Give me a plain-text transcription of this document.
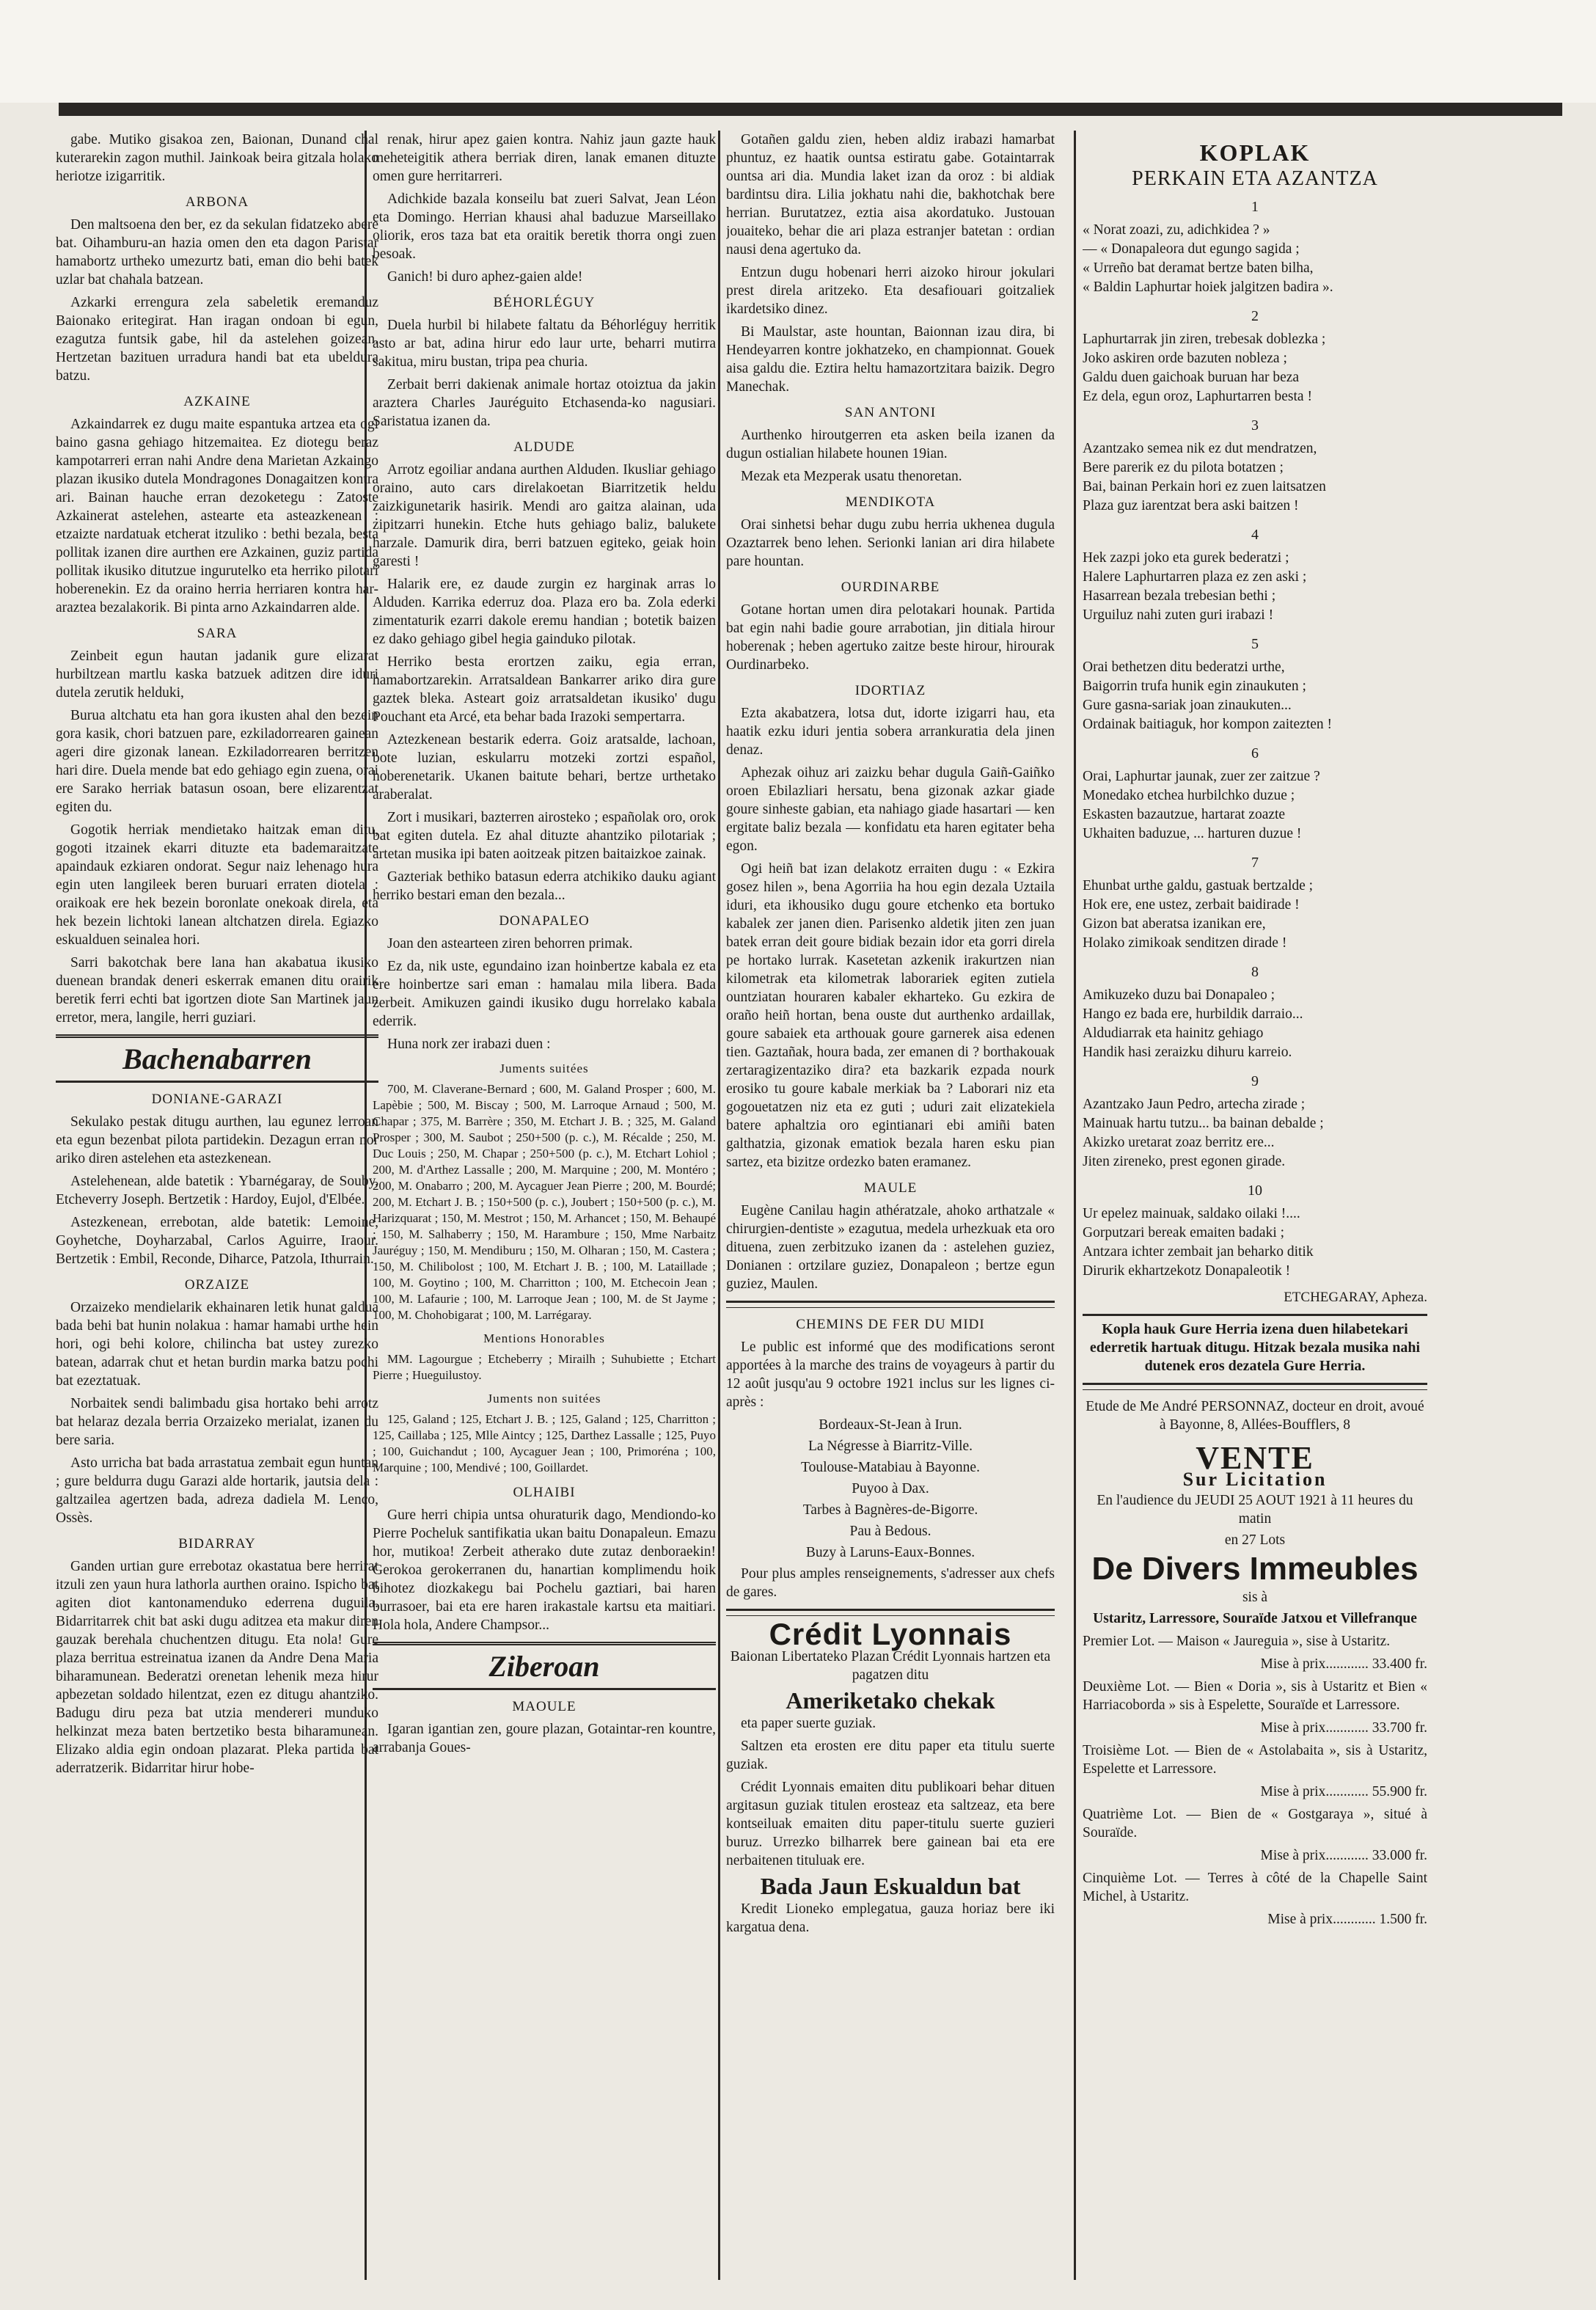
gabe. Mutiko gisakoa zen, Baionan, Dunand chal kuterarekin zagon muthil. Jainkoak beira gitzala holako heriotze izigarritik.

ARBONA

Den maltsoena den ber, ez da sekulan fidatzeko abere bat. Oihamburu-an hazia omen den eta dagon Paristar hamabortz urtheko umezurtz bati, eman dio behi batek uzlar bat chahala batzean.

Azkarki errengura zela sabeletik eremanduz Baionako eritegirat. Han iragan ondoan bi egun, ezagutza funtsik gabe, hil da astelehen goizean. Hertzetan bazituen urradura handi bat eta ubeldura batzu.

AZKAINE

Azkaindarrek ez dugu maite espantuka artzea eta ogi baino gasna gehiago hitzemaitea. Ez diotegu beraz kampotarreri erran nahi Andre dena Marietan Azkaingo plazan ikusiko dutela Mondragones Donagaitzen kontra ari. Bainan hauche erran dezoketegu : Zatoste Azkainerat astelehen, astearte eta asteazkenean : etzaizte nardatuak etcherat itzuliko : bethi bezala, besta pollitak izanen dire aurthen ere Azkainen, guziz partida pollitak ikusiko ditutzue ingurutelko eta herriko pilotari hoberenekin. Ez da oraino herria herriaren kontra har-araztea bezalakorik. Bi pinta arno Azkaindarren alde.

SARA

Zeinbeit egun hautan jadanik gure elizarat hurbiltzean martlu kaska batzuek aditzen dire iduri dutela zerutik helduki,

Burua altchatu eta han gora ikusten ahal den bezein gora kasik, chori batzuen pare, ezkiladorrearen gainean ageri dire gizonak lanean. Ezkiladorrearen berritzen hari dire. Duela mende bat edo gehiago egin zuena, orai ere Sarako herriak batasun osoan, bere elizarentzat egiten du.

Gogotik herriak mendietako haitzak eman ditu, gogoti itzainek ekarri dituzte eta bademaraitzate apaindauk ezkiaren ondorat. Segur naiz lehenago hura egin uten langileek beren buruari erraten diotela : oraikoak ere hek bezein boronlate onekoak direla, eta hek bezein lichtoki lanean altchatzen direla. Egiazko eskualduen seinalea hori.

Sarri bakotchak bere lana han akabatua ikusiko duenean brandak deneri eskerrak emanen ditu orairik beretik ferri echti bat igortzen diote San Martinek jaun erretor, mera, langile, herri guziari.

Bachenabarren
DONIANE-GARAZI

Sekulako pestak ditugu aurthen, lau egunez lerroan eta egun bezenbat pilota partidekin. Dezagun erran nor ariko diren astelehen eta astezkenean.

Astelehenean, alde batetik : Ybarnégaray, de Souby, Etcheverry Joseph. Bertzetik : Hardoy, Eujol, d'Elbée.

Astezkenean, errebotan, alde batetik: Lemoine, Goyhetche, Doyharzabal, Carlos Aguirre, Iraour. Bertzetik : Embil, Reconde, Diharce, Patzola, Ithurrain.

ORZAIZE

Orzaizeko mendielarik ekhainaren letik hunat galdua bada behi bat hunin nolakua : hamar hamabi urthe hein hori, ogi behi kolore, chilincha bat ustey zurezko batean, adarrak chut et hetan burdin marka batzu pochi bat ezeztatuak.

Norbaitek sendi balimbadu gisa hortako behi arrotz bat helaraz dezala berria Orzaizeko merialat, izanen du bere saria.

Asto urricha bat bada arrastatua zembait egun huntan ; gure beldurra dugu Garazi alde hortarik, jautsia dela : galtzailea agertzen bada, adreza dadiela M. Lenco, Ossès.

BIDARRAY

Ganden urtian gure errebotaz okastatua bere herrirat itzuli zen yaun hura lathorla aurthen oraino. Ispicho bat agiten diot kantonamenduko ederrena duguila. Bidarritarrek chit bat aski dugu aditzea eta makur diren gauzak berehala chuchentzen ditugu. Eta nola! Gure plaza berritua estreinatua izanen da Andre Dena Maria biharamunean. Bederatzi orenetan lehenik meza hirur apbezetan soldado hilentzat, ezen ez ditugu ahantziko. Badugu diru peza bat utzia mendereri munduko helkinzat meza baten bertzetiko besta biharamunean. Elizako aldia egin ondoan plazarat. Pleka partida bat aderratzerik. Bidarritar hirur hobe-

renak, hirur apez gaien kontra. Nahiz jaun gazte hauk meheteigitik athera berriak diren, lanak emanen dituzte omen gure herritarreri.

Adichkide bazala konseilu bat zueri Salvat, Jean Léon eta Domingo. Herrian khausi ahal baduzue Marseillako oliorik, eros taza bat eta oraitik beretik thorra ongi zuen besoak.

Ganich! bi duro aphez-gaien alde!

BÉHORLÉGUY

Duela hurbil bi hilabete faltatu da Béhorléguy herritik asto ar bat, adina hirur edo laur urte, beharri mutirra sakitua, miru bustan, tripa pea churia.

Zerbait berri dakienak animale hortaz otoiztua da jakin araztera Charles Jauréguito Etchasenda-ko nagusiari. Saristatua izanen da.

ALDUDE

Arrotz egoiliar andana aurthen Alduden. Ikusliar gehiago oraino, auto cars direlakoetan Biarritzetik heldu zaizkigunetarik hasirik. Mendi aro gaitza alainan, uda zipitzarri hunekin. Etche huts gehiago baliz, balukete harzale. Damurik dira, berri batzuen egiteko, geiak hoin garesti !

Halarik ere, ez daude zurgin ez harginak arras lo Alduden. Karrika ederruz doa. Plaza ero ba. Zola ederki zimentaturik ezarri dakole eremu handian ; botetik baizen ez dako gehiago gibel hegia gainduko pilotak.

Herriko besta erortzen zaiku, egia erran, hamabortzarekin. Arratsaldean Bankarrer ariko dira gure gaztek bleka. Asteart goiz arratsaldetan ikusiko' dugu Pouchant eta Arcé, eta behar bada Irazoki sempertarra.

Aztezkenean bestarik ederra. Goiz aratsalde, lachoan, bote luzian, eskularru motzeki zortzi español, hoberenetarik. Ukanen baitute behari, bertze urthetako araberalat.

Zort i musikari, bazterren airosteko ; españolak oro, orok bat egiten dutela. Ez ahal dituzte ahantziko pilotariak ; artetan musika ipi baten aoitzeak pitzen baitaizkoe zainak.

Gazteriak bethiko batasun ederra atchikiko dauku agiant herriko bestari eman den bezala...

DONAPALEO

Joan den astearteen ziren behorren primak.

Ez da, nik uste, egundaino izan hoinbertze kabala ez eta ere hoinbertze sari eman : hamalau mila libera. Bada zerbeit. Amikuzen gaindi ikusiko dugu horrelako kabala ederrik.

Huna nork zer irabazi duen :

Juments suitées

700, M. Claverane-Bernard ; 600, M. Galand Prosper ; 600, M. Lapèbie ; 500, M. Biscay ; 500, M. Larroque Arnaud ; 500, M. Chapar ; 375, M. Barrère ; 350, M. Etchart J. B. ; 325, M. Galand Prosper ; 300, M. Saubot ; 250+500 (p. c.), M. Récalde ; 250, M. Duc Louis ; 250, M. Chapar ; 250+500 (p. c.), M. Etchart Lohiol ; 200, M. d'Arthez Lassalle ; 200, M. Marquine ; 200, M. Montéro ; 200, M. Onabarro ; 200, M. Aycaguer Jean Pierre ; 200, M. Bourdé; 200, M. Etchart J. B. ; 150+500 (p. c.), Joubert ; 150+500 (p. c.), M. Harizquarat ; 150, M. Mestrot ; 150, M. Arhancet ; 150, M. Behaupé ; 150, M. Salhaberry ; 150, M. Harambure ; 150, Mme Narbaitz Jauréguy ; 150, M. Mendiburu ; 150, M. Olharan ; 150, M. Castera ; 150, M. Chilibolost ; 100, M. Etchart J. B. ; 100, M. Lataillade ; 100, M. Goytino ; 100, M. Charritton ; 100, M. Etchecoin Jean ; 100, M. Lafaurie ; 100, M. Larroque Jean ; 100, M. de St Jayme ; 100, M. Chohobigarat ; 100, M. Larrégaray.

Mentions Honorables

MM. Lagourgue ; Etcheberry ; Mirailh ; Suhubiette ; Etchart Pierre ; Hueguilustoy.

Juments non suitées

125, Galand ; 125, Etchart J. B. ; 125, Galand ; 125, Charritton ; 125, Caillaba ; 125, Mlle Aintcy ; 125, Darthez Lassalle ; 125, Puyo ; 100, Guichandut ; 100, Aycaguer Jean ; 100, Primoréna ; 100, Marquine ; 100, Mendivé ; 100, Goillardet.

OLHAIBI

Gure herri chipia untsa ohuraturik dago, Mendiondo-ko Pierre Pocheluk santifikatia ukan baitu Donapaleun. Emazu hor, mutikoa! Zerbeit atherako dute zutaz denboraekin! Gerokoa gerokerranen du, hanartian komplimendu hoik bihotez diozkakegu bai Pochelu gaztiari, bai haren burrasoer, bai eta ere haren irakastale kartsu eta maitiari. Hola hola, Andere Champsor...

Ziberoan
MAOULE

Igaran igantian zen, goure plazan, Gotaintar-ren kountre, arrabanja Goues-

Gotañen galdu zien, heben aldiz irabazi hamarbat phuntuz, ez haatik ountsa estiratu gabe. Gotaintarrak ountsa ari dia. Mundia laket izan da oroz : bi aldiak bardintsu dira. Lilia jokhatu nahi die, bakhotchak bere herrian. Burutatzez, eztia aisa akordatuko. Justouan jouaiteko, behar die ari plaza estranjer batetan : ordian nausi dena agertuko da.

Entzun dugu hobenari herri aizoko hirour jokulari prest direla aritzeko. Eta desafiouari goitzaliek ikardetsiko dinez.

Bi Maulstar, aste hountan, Baionnan izau dira, bi Hendeyarren kontre jokhatzeko, en championnat. Gouek aisa galdu die. Eztira heltu hamazortzitara baizik. Degro Manechak.

SAN ANTONI

Aurthenko hiroutgerren eta asken beila izanen da dugun ostialian hilabete hounen 19ian.

Mezak eta Mezperak usatu thenoretan.

MENDIKOTA

Orai sinhetsi behar dugu zubu herria ukhenea dugula Ozaztarrek beno lehen. Serionki lanian ari dira hilabete pare hountan.

OURDINARBE

Gotane hortan umen dira pelotakari hounak. Partida bat egin nahi badie goure arrabotian, jin ditiala hirour hoberenak ; heben agertuko zaitze beste hirour, hirourak Ourdinarbeko.

IDORTIAZ

Ezta akabatzera, lotsa dut, idorte izigarri hau, eta haatik ezku iduri jentia sobera arrankuratia dela jinen denaz.

Aphezak oihuz ari zaizku behar dugula Gaiñ-Gaiñko oroen Ebilazliari hersatu, bena gizonak azkar giade goure sinheste gabian, eta nahiago giade hasartari — ken ergitate baliz bezala — konfidatu eta haren egitater beha egon.

Ogi heiñ bat izan delakotz erraiten dugu : « Ezkira gosez hilen », bena Agorriia ha hou egin dezala Uztaila iduri, eta ikhousiko dugu goure etchenko eta bortuko kabalek zer janen dien. Parisenko aldetik jiten zen juan batek erran deit goure bidiak bezain idor eta gorri direla pe hortako lurrak. Kasetetan azkenik irakurtzen nian kilometrak eta kilometrak laborariek egiten zutiela ountziatan houraren kabaler ekharteko. Gu ezkira de oraño heiñ hortan, bena ouste dut aurthenko ardaillak, goure sabaiek eta arthouak goure garnerek aisa edenen tien. Gaztañak, houra bada, zer emanen di ? borthakouak zertaragizentaziko dira? eta bazkarik ezpada nourk erosiko tu goure kabale merkiak ba ? Laborari niz eta gogouetatzen niz eta ez guti ; uduri zait elizatekiela batere aphaltzia oro egintianari ebi amiñi baten galthatzia, gizonak ematiok bezala haren esku pian sartez, eta bizitze ordezko baten eramanez.

MAULE

Eugène Canilau hagin athératzale, ahoko arthatzale « chirurgien-dentiste » ezagutua, medela urhezkuak eta oro dituena, zuen zerbitzuko izanen da : astelehen guziez, Donianen : ortzilare guziez, Donapaleon ; bertze egun guziez, Maulen.

CHEMINS DE FER DU MIDI

Le public est informé que des modifications seront apportées à la marche des trains de voyageurs à partir du 12 août jusqu'au 9 octobre 1921 inclus sur les lignes ci-après :

Bordeaux-St-Jean à Irun.

La Négresse à Biarritz-Ville.

Toulouse-Matabiau à Bayonne.

Puyoo à Dax.

Tarbes à Bagnères-de-Bigorre.

Pau à Bedous.

Buzy à Laruns-Eaux-Bonnes.

Pour plus amples renseignements, s'adresser aux chefs de gares.

Crédit Lyonnais

Baionan Libertateko Plazan Crédit Lyonnais hartzen eta pagatzen ditu

Ameriketako chekak

eta paper suerte guziak.

Saltzen eta erosten ere ditu paper eta titulu suerte guziak.

Crédit Lyonnais emaiten ditu publikoari behar dituen argitasun guziak titulen erosteaz eta saltzeaz, eta bere kontseiluak emaiten ditu paper-titulu suerte guzieri buruz. Urrezko bilharrek bere gainean bai eta ere nerbaitenen tituluak ere.

Bada Jaun Eskualdun bat

Kredit Lioneko emplegatua, gauza horiaz bere iki kargatua dena.

KOPLAK
PERKAIN ETA AZANTZA
1
« Norat zoazi, zu, adichkidea ? »
— « Donapaleora dut egungo sagida ;
« Urreño bat deramat bertze baten bilha,
« Baldin Laphurtar hoiek jalgitzen badira ».
2
Laphurtarrak jin ziren, trebesak doblezka ;
Joko askiren orde bazuten nobleza ;
Galdu duen gaichoak buruan har beza
Ez dela, egun oroz, Laphurtarren besta !
3
Azantzako semea nik ez dut mendratzen,
Bere parerik ez du pilota botatzen ;
Bai, bainan Perkain hori ez zuen laitsatzen
Plaza guz iarentzat bera aski baitzen !
4
Hek zazpi joko eta gurek bederatzi ;
Halere Laphurtarren plaza ez zen aski ;
Hasarrean bezala trebesian bethi ;
Urguiluz nahi zuten guri irabazi !
5
Orai bethetzen ditu bederatzi urthe,
Baigorrin trufa hunik egin zinaukuten ;
Gure gasna-sariak joan zinaukuten...
Ordainak baitiaguk, hor kompon zaitezten !
6
Orai, Laphurtar jaunak, zuer zer zaitzue ?
Monedako etchea hurbilchko duzue ;
Eskasten bazautzue, hartarat zoazte
Ukhaiten baduzue, ... harturen duzue !
7
Ehunbat urthe galdu, gastuak bertzalde ;
Hok ere, ene ustez, zerbait baidirade !
Gizon bat aberatsa izanikan ere,
Holako zimikoak senditzen dirade !
8
Amikuzeko duzu bai Donapaleo ;
Hango ez bada ere, hurbildik darraio...
Aldudiarrak eta hainitz gehiago
Handik hasi zeraizku dihuru karreio.
9
Azantzako Jaun Pedro, artecha zirade ;
Mainuak hartu tutzu... ba bainan debalde ;
Akizko uretarat zoaz berritz ere...
Jiten zireneko, prest egonen girade.
10
Ur epelez mainuak, saldako oilaki !....
Gorputzari bereak emaiten badaki ;
Antzara ichter zembait jan beharko ditik
Dirurik ekhartzekotz Donapaleotik !
ETCHEGARAY, Apheza.
Kopla hauk Gure Herria izena duen hilabetekari ederretik hartuak ditugu. Hitzak bezala musika nahi dutenek eros dezatela Gure Herria.

Etude de Me André PERSONNAZ, docteur en droit, avoué à Bayonne, 8, Allées-Boufflers, 8

VENTE
Sur Licitation

En l'audience du JEUDI 25 AOUT 1921 à 11 heures du matin

en 27 Lots

De Divers Immeubles

sis à

Ustaritz, Larressore, Souraïde Jatxou et Villefranque

Premier Lot. — Maison « Jaureguia », sise à Ustaritz.

Mise à prix............ 33.400 fr.

Deuxième Lot. — Bien « Doria », sis à Ustaritz et Bien « Harriacoborda » sis à Espelette, Souraïde et Larressore.

Mise à prix............ 33.700 fr.

Troisième Lot. — Bien de « Astolabaita », sis à Ustaritz, Espelette et Larressore.

Mise à prix............ 55.900 fr.

Quatrième Lot. — Bien de « Gostgaraya », situé à Souraïde.

Mise à prix............ 33.000 fr.

Cinquième Lot. — Terres à côté de la Chapelle Saint Michel, à Ustaritz.

Mise à prix............ 1.500 fr.
